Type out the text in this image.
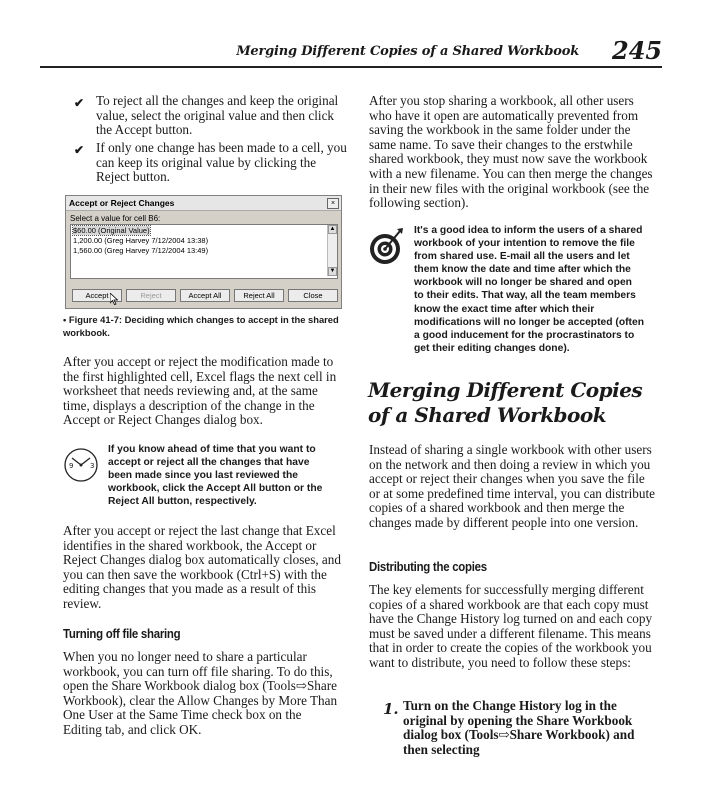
Merging Different Copies of a Shared Workbook 245
✔ To reject all the changes and keep the original value, select the original value and then click the Accept button.
✔ If only one change has been made to a cell, you can keep its original value by clicking the Reject button.
Accept or Reject Changes	×
Select a value for cell B6:
$60.00 (Original Value)
1,200.00 (Greg Harvey 7/12/2004 13:38)
1,560.00 (Greg Harvey 7/12/2004 13:49)
▲
▼
Accept	Reject	Accept All	Reject All	Close
• Figure 41-7: Deciding which changes to accept in the shared workbook.
After you accept or reject the modification made to the first highlighted cell, Excel flags the next cell in worksheet that needs reviewing and, at the same time, displays a description of the change in the Accept or Reject Changes dialog box.
9 3
If you know ahead of time that you want to accept or reject all the changes that have been made since you last reviewed the workbook, click the Accept All button or the Reject All button, respectively.
After you accept or reject the last change that Excel identifies in the shared workbook, the Accept or Reject Changes dialog box automatically closes, and you can then save the workbook (Ctrl+S) with the editing changes that you made as a result of this review.
Turning off file sharing
When you no longer need to share a particular workbook, you can turn off file sharing. To do this, open the Share Workbook dialog box (Tools⇨Share Workbook), clear the Allow Changes by More Than One User at the Same Time check box on the Editing tab, and click OK.
After you stop sharing a workbook, all other users who have it open are automatically prevented from saving the workbook in the same folder under the same name. To save their changes to the erstwhile shared workbook, they must now save the workbook with a new filename. You can then merge the changes in their new files with the original workbook (see the following section).
It's a good idea to inform the users of a shared workbook of your intention to remove the file from shared use. E-mail all the users and let them know the date and time after which the workbook will no longer be shared and open to their edits. That way, all the team members know the exact time after which their modifications will no longer be accepted (often a good inducement for the procrastinators to get their editing changes done).
Merging Different Copies of a Shared Workbook
Instead of sharing a single workbook with other users on the network and then doing a review in which you accept or reject their changes when you save the file or at some predefined time interval, you can distribute copies of a shared workbook and then merge the changes made by different people into one version.
Distributing the copies
The key elements for successfully merging different copies of a shared workbook are that each copy must have the Change History log turned on and each copy must be saved under a different filename. This means that in order to create the copies of the workbook you want to distribute, you need to follow these steps:
1. Turn on the Change History log in the original by opening the Share Workbook dialog box (Tools⇨Share Workbook) and then selecting
